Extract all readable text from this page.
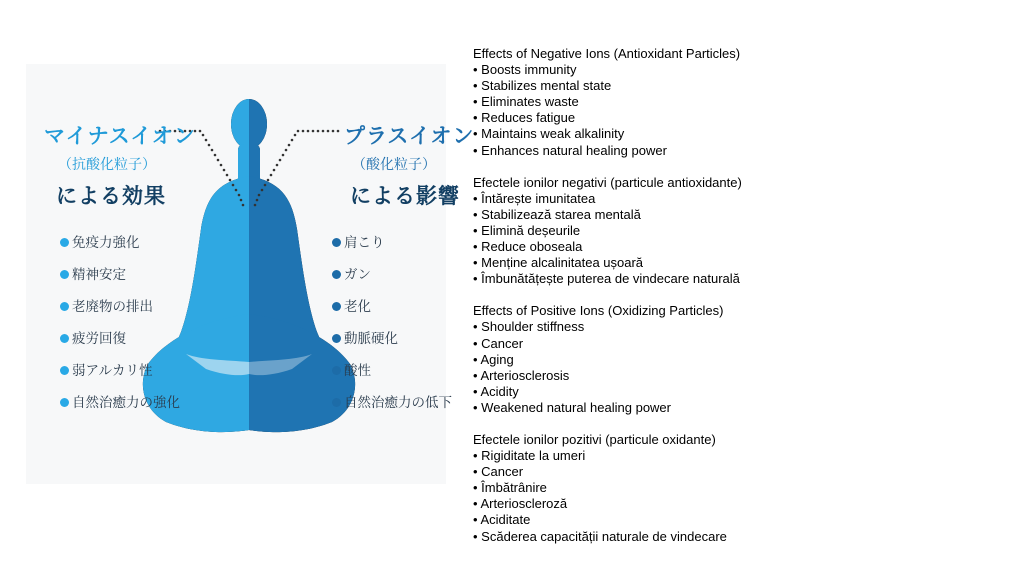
マイナスイオン
（抗酸化粒子）
による効果
免疫力強化
精神安定
老廃物の排出
疲労回復
弱アルカリ性
自然治癒力の強化
プラスイオン
（酸化粒子）
による影響
肩こり
ガン
老化
動脈硬化
酸性
自然治癒力の低下
Effects of Negative Ions (Antioxidant Particles)
• Boosts immunity
• Stabilizes mental state
• Eliminates waste
• Reduces fatigue
• Maintains weak alkalinity
• Enhances natural healing power
Efectele ionilor negativi (particule antioxidante)
• Întărește imunitatea
• Stabilizează starea mentală
• Elimină deșeurile
• Reduce oboseala
• Menține alcalinitatea ușoară
• Îmbunătățește puterea de vindecare naturală
Effects of Positive Ions (Oxidizing Particles)
• Shoulder stiffness
• Cancer
• Aging
• Arteriosclerosis
• Acidity
• Weakened natural healing power
Efectele ionilor pozitivi (particule oxidante)
• Rigiditate la umeri
• Cancer
• Îmbătrânire
• Arterioscleroză
• Aciditate
• Scăderea capacității naturale de vindecare
